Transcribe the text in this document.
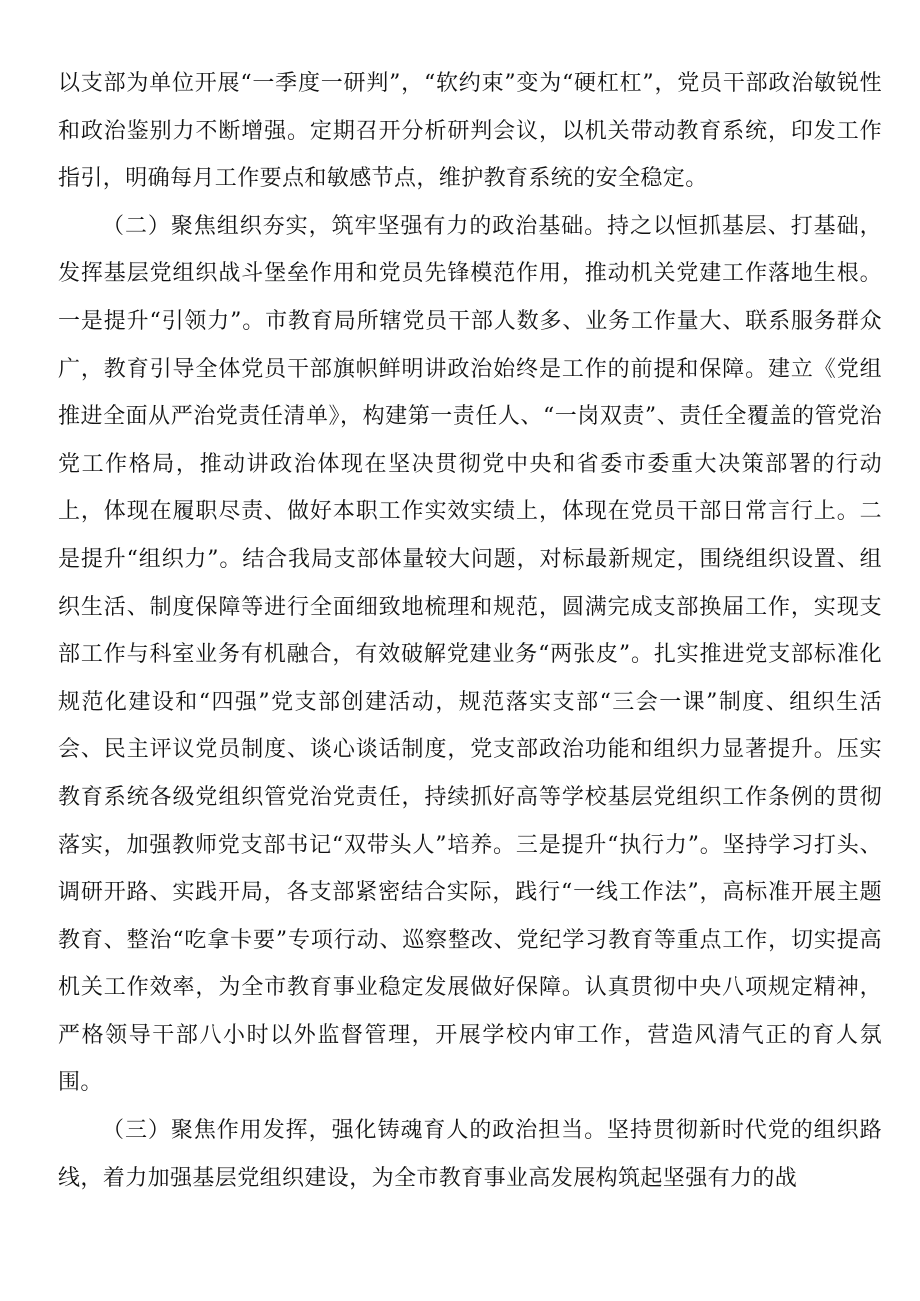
以支部为单位开展“一季度一研判”，“软约束”变为“硬杠杠”，党员干部政治敏锐性和政治鉴别力不断增强。定期召开分析研判会议，以机关带动教育系统，印发工作指引，明确每月工作要点和敏感节点，维护教育系统的安全稳定。

（二）聚焦组织夯实，筑牢坚强有力的政治基础。持之以恒抓基层、打基础，发挥基层党组织战斗堡垒作用和党员先锋模范作用，推动机关党建工作落地生根。一是提升“引领力”。市教育局所辖党员干部人数多、业务工作量大、联系服务群众广，教育引导全体党员干部旗帜鲜明讲政治始终是工作的前提和保障。建立《党组推进全面从严治党责任清单》，构建第一责任人、“一岗双责”、责任全覆盖的管党治党工作格局，推动讲政治体现在坚决贯彻党中央和省委市委重大决策部署的行动上，体现在履职尽责、做好本职工作实效实绩上，体现在党员干部日常言行上。二是提升“组织力”。结合我局支部体量较大问题，对标最新规定，围绕组织设置、组织生活、制度保障等进行全面细致地梳理和规范，圆满完成支部换届工作，实现支部工作与科室业务有机融合，有效破解党建业务“两张皮”。扎实推进党支部标准化规范化建设和“四强”党支部创建活动，规范落实支部“三会一课”制度、组织生活会、民主评议党员制度、谈心谈话制度，党支部政治功能和组织力显著提升。压实教育系统各级党组织管党治党责任，持续抓好高等学校基层党组织工作条例的贯彻落实，加强教师党支部书记“双带头人”培养。三是提升“执行力”。坚持学习打头、调研开路、实践开局，各支部紧密结合实际，践行“一线工作法”，高标准开展主题教育、整治“吃拿卡要”专项行动、巡察整改、党纪学习教育等重点工作，切实提高机关工作效率，为全市教育事业稳定发展做好保障。认真贯彻中央八项规定精神，严格领导干部八小时以外监督管理，开展学校内审工作，营造风清气正的育人氛围。

（三）聚焦作用发挥，强化铸魂育人的政治担当。坚持贯彻新时代党的组织路线，着力加强基层党组织建设，为全市教育事业高发展构筑起坚强有力的战
